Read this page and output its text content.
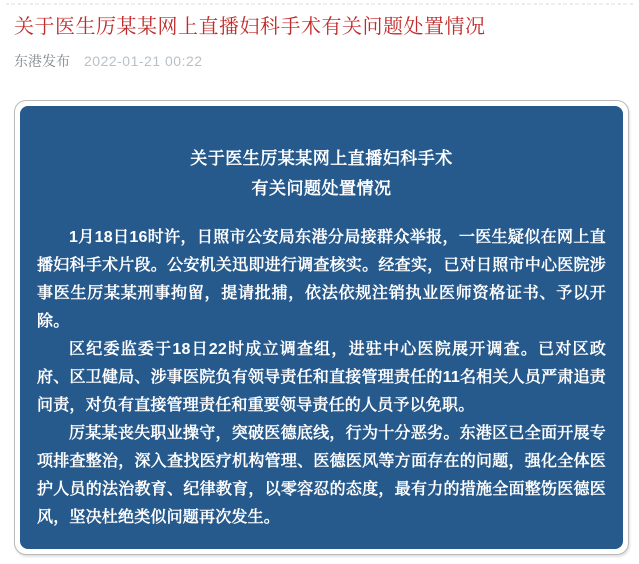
关于医生厉某某网上直播妇科手术有关问题处置情况
东港发布 2022-01-21 00:22
关于医生厉某某网上直播妇科手术
有关问题处置情况

1月18日16时许，日照市公安局东港分局接群众举报，一医生疑似在网上直播妇科手术片段。公安机关迅即进行调查核实。经查实，已对日照市中心医院涉事医生厉某某刑事拘留，提请批捕，依法依规注销执业医师资格证书、予以开除。

区纪委监委于18日22时成立调查组，进驻中心医院展开调查。已对区政府、区卫健局、涉事医院负有领导责任和直接管理责任的11名相关人员严肃追责问责，对负有直接管理责任和重要领导责任的人员予以免职。

厉某某丧失职业操守，突破医德底线，行为十分恶劣。东港区已全面开展专项排查整治，深入查找医疗机构管理、医德医风等方面存在的问题，强化全体医护人员的法治教育、纪律教育，以零容忍的态度，最有力的措施全面整饬医德医风，坚决杜绝类似问题再次发生。
